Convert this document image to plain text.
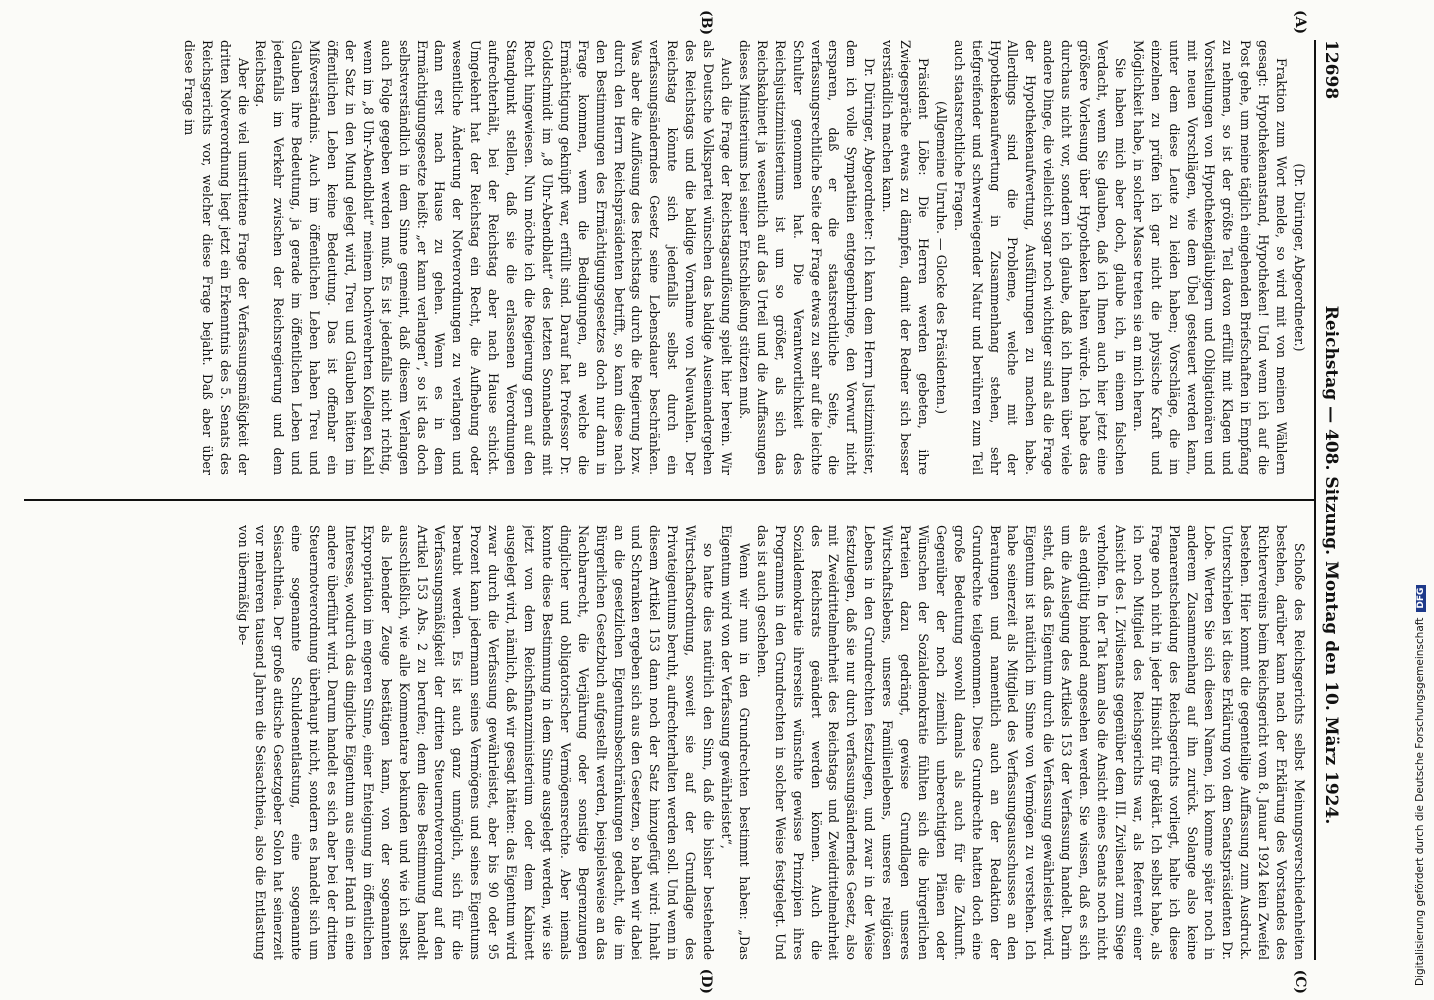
12698
Reichstag — 408. Sitzung. Montag den 10. März 1924.

(Dr. Düringer, Abgeordneter.)

Fraktion zum Wort melde, so wird mit von meinen Wählern gesagt: Hypothekenanstand, Hypotheken! Und wenn ich auf die Post gehe, um meine täglich eingehenden Briefschaften in Empfang zu nehmen, so ist der größte Teil davon erfüllt mit Klagen und Vorstellungen von Hypothekengläubigern und Obligationären und mit neuen Vorschlägen, wie dem Übel gesteuert werden kann, unter dem diese Leute zu leiden haben; Vorschläge, die im einzelnen zu prüfen ich gar nicht die physische Kraft und Möglichkeit habe, in solcher Masse treten sie an mich heran.

Sie haben mich aber doch, glaube ich, in einem falschen Verdacht, wenn Sie glauben, daß ich Ihnen auch hier jetzt eine größere Vorlesung über Hypotheken halten würde. Ich habe das durchaus nicht vor, sondern ich glaube, daß ich Ihnen über viele andere Dinge, die vielleicht sogar noch wichtiger sind als die Frage der Hypothekenaufwertung, Ausführungen zu machen habe. Allerdings sind die Probleme, welche mit der Hypothekenaufwertung in Zusammenhang stehen, sehr tiefgreifender und schwerwiegender Natur und berühren zum Teil auch staatsrechtliche Fragen.

(Allgemeine Unruhe. — Glocke des Präsidenten.)

Präsident Löbe: Die Herren werden gebeten, ihre Zwiegespräche etwas zu dämpfen, damit der Redner sich besser verständlich machen kann.

Dr. Düringer, Abgeordneter: Ich kann dem Herrn Justizminister, dem ich volle Sympathien entgegenbringe, den Vorwurf nicht ersparen, daß er die staatsrechtliche Seite, die verfassungsrechtliche Seite der Frage etwas zu sehr auf die leichte Schulter genommen hat. Die Verantwortlichkeit des Reichsjustizministeriums ist um so größer, als sich das Reichskabinett ja wesentlich auf das Urteil und die Auffassungen dieses Ministeriums bei seiner Entschließung stützen muß.

Auch die Frage der Reichstagsauflösung spielt hier herein. Wir als Deutsche Volkspartei wünschen das baldige Auseinandergehen des Reichstags und die baldige Vornahme von Neuwahlen. Der Reichstag könnte sich jedenfalls selbst durch ein verfassungsänderndes Gesetz seine Lebensdauer beschränken. Was aber die Auflösung des Reichstags durch die Regierung bzw. durch den Herrn Reichspräsidenten betrifft, so kann diese nach den Bestimmungen des Ermächtigungsgesetzes doch nur dann in Frage kommen, wenn die Bedingungen, an welche die Ermächtigung geknüpft war, erfüllt sind. Darauf hat Professor Dr. Goldschmidt im „8 Uhr-Abendblatt“ des letzten Sonnabends mit Recht hingewiesen. Nun möchte ich die Regierung gern auf den Standpunkt stellen, daß sie die erlassenen Verordnungen aufrechterhält, bei der Reichstag aber nach Hause schickt. Umgekehrt hat der Reichstag ein Recht, die Aufhebung oder wesentliche Änderung der Notverordnungen zu verlangen und dann erst nach Hause zu gehen. Wenn es in dem Ermächtigungsgesetze heißt: „er kann verlangen“, so ist das doch selbstverständlich in dem Sinne gemeint, daß diesem Verlangen auch Folge gegeben werden muß. Es ist jedenfalls nicht richtig, wenn im „8 Uhr-Abendblatt“ meinem hochverehrten Kollegen Kahl der Satz in den Mund gelegt wird, Treu und Glauben hätten im öffentlichen Leben keine Bedeutung. Das ist offenbar ein Mißverständnis. Auch im öffentlichen Leben haben Treu und Glauben ihre Bedeutung, ja gerade im öffentlichen Leben und jedenfalls im Verkehr zwischen der Reichsregierung und dem Reichstag.

Aber die viel umstrittene Frage der Verfassungsmäßigkeit der dritten Notverordnung liegt jetzt ein Erkenntnis des 5. Senats des Reichsgerichts vor, welcher diese Frage bejaht. Daß aber über diese Frage im

Schoße des Reichsgerichts selbst Meinungsverschiedenheiten bestehen, darüber kann nach der Erklärung des Vorstandes des Richtervereins beim Reichsgericht vom 8. Januar 1924 kein Zweifel bestehen. Hier kommt die gegenteilige Auffassung zum Ausdruck. Unterschrieben ist diese Erklärung von dem Senatspräsidenten Dr. Lobe. Werten Sie sich diesen Namen, ich komme später noch in anderem Zusammenhang auf ihn zurück. Solange also keine Plenarentscheidung des Reichsgerichts vorliegt, halte ich diese Frage noch nicht in jeder Hinsicht für geklärt. Ich selbst habe, als ich noch Mitglied des Reichsgerichts war, als Referent einer Ansicht des I. Zivilsenats gegenüber dem III. Zivilsenat zum Siege verholfen. In der Tat kann also die Ansicht eines Senats noch nicht als endgültig bindend angesehen werden. Sie wissen, daß es sich um die Auslegung des Artikels 153 der Verfassung handelt. Darin steht, daß das Eigentum durch die Verfassung gewährleistet wird. Eigentum ist natürlich im Sinne von Vermögen zu verstehen. Ich habe seinerzeit als Mitglied des Verfassungsausschusses an den Beratungen und namentlich auch an der Redaktion der Grundrechte teilgenommen. Diese Grundrechte hatten doch eine große Bedeutung sowohl damals als auch für die Zukunft. Gegenüber der noch ziemlich unberechtigten Plänen oder Wünschen der Sozialdemokratie fühlten sich die bürgerlichen Parteien dazu gedrängt, gewisse Grundlagen unseres Wirtschaftslebens, unseres Familienlebens, unseres religiösen Lebens in den Grundrechten festzulegen, und zwar in der Weise festzulegen, daß sie nur durch verfassungsänderndes Gesetz, also mit Zweidrittelmehrheit des Reichstags und Zweidrittelmehrheit des Reichsrats geändert werden können. Auch die Sozialdemokratie ihrerseits wünschte gewisse Prinzipien ihres Programms in den Grundrechten in solcher Weise festgelegt. Und das ist auch geschehen.

Wenn wir nun in den Grundrechten bestimmt haben: „Das Eigentum wird von der Verfassung gewährleistet“,

so hatte dies natürlich den Sinn, daß die bisher bestehende Wirtschaftsordnung, soweit sie auf der Grundlage des Privateigentums beruht, aufrechterhalten werden soll. Und wenn in diesem Artikel 153 dann noch der Satz hinzugefügt wird: Inhalt und Schranken ergeben sich aus den Gesetzen, so haben wir dabei an die gesetzlichen Eigentumsbeschränkungen gedacht, die im Bürgerlichen Gesetzbuch aufgestellt werden, beispielsweise an das Nachbarrecht, die Verjährung oder sonstige Begrenzungen dinglicher und obligatorischer Vermögensrechte. Aber niemals konnte diese Bestimmung in dem Sinne ausgelegt werden, wie sie jetzt von dem Reichsfinanzministerium oder dem Kabinett ausgelegt wird, nämlich, daß wir gesagt hätten: das Eigentum wird zwar durch die Verfassung gewährleistet, aber bis 90 oder 95 Prozent kann jedermann seines Vermögens und seines Eigentums beraubt werden. Es ist auch ganz unmöglich, sich für die Verfassungsmäßigkeit der dritten Steuernotverordnung auf den Artikel 153 Abs. 2 zu berufen; denn diese Bestimmung handelt ausschließlich, wie alle Kommentare bekunden und wie ich selbst als lebender Zeuge bestätigen kann, von der sogenannten Expropriation im engeren Sinne, einer Enteignung im öffentlichen Interesse, wodurch das dingliche Eigentum aus einer Hand in eine andere überführt wird. Darum handelt es sich aber bei der dritten Steuernotverordnung überhaupt nicht, sondern es handelt sich um eine sogenannte Schuldenentlastung, eine sogenannte Seisachtheia. Der große attische Gesetzgeber Solon hat seinerzeit vor mehreren tausend Jahren die Seisachtheia, also die Entlastung von übermäßig be-

(A)
(B)
(C)
(D)	Digitalisierung gefördert durch die Deutsche ForschungsgemeinschaftDFG
